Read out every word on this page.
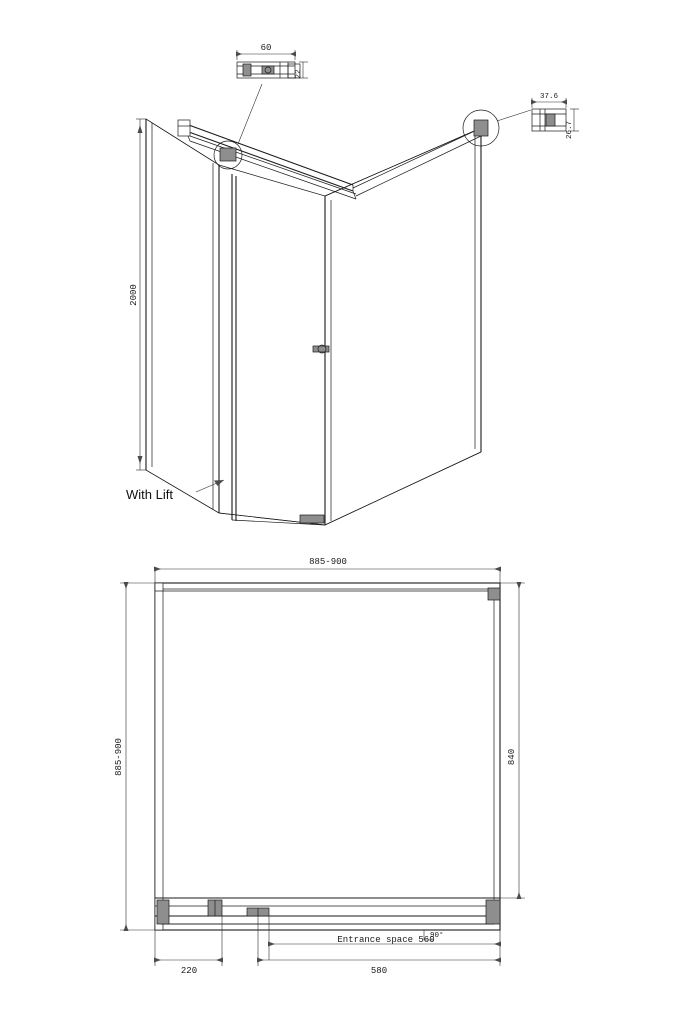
2000
With Lift
60
22
37.6
26.7
885-900
885-900	840
Entrance space 560
90°
220	580
